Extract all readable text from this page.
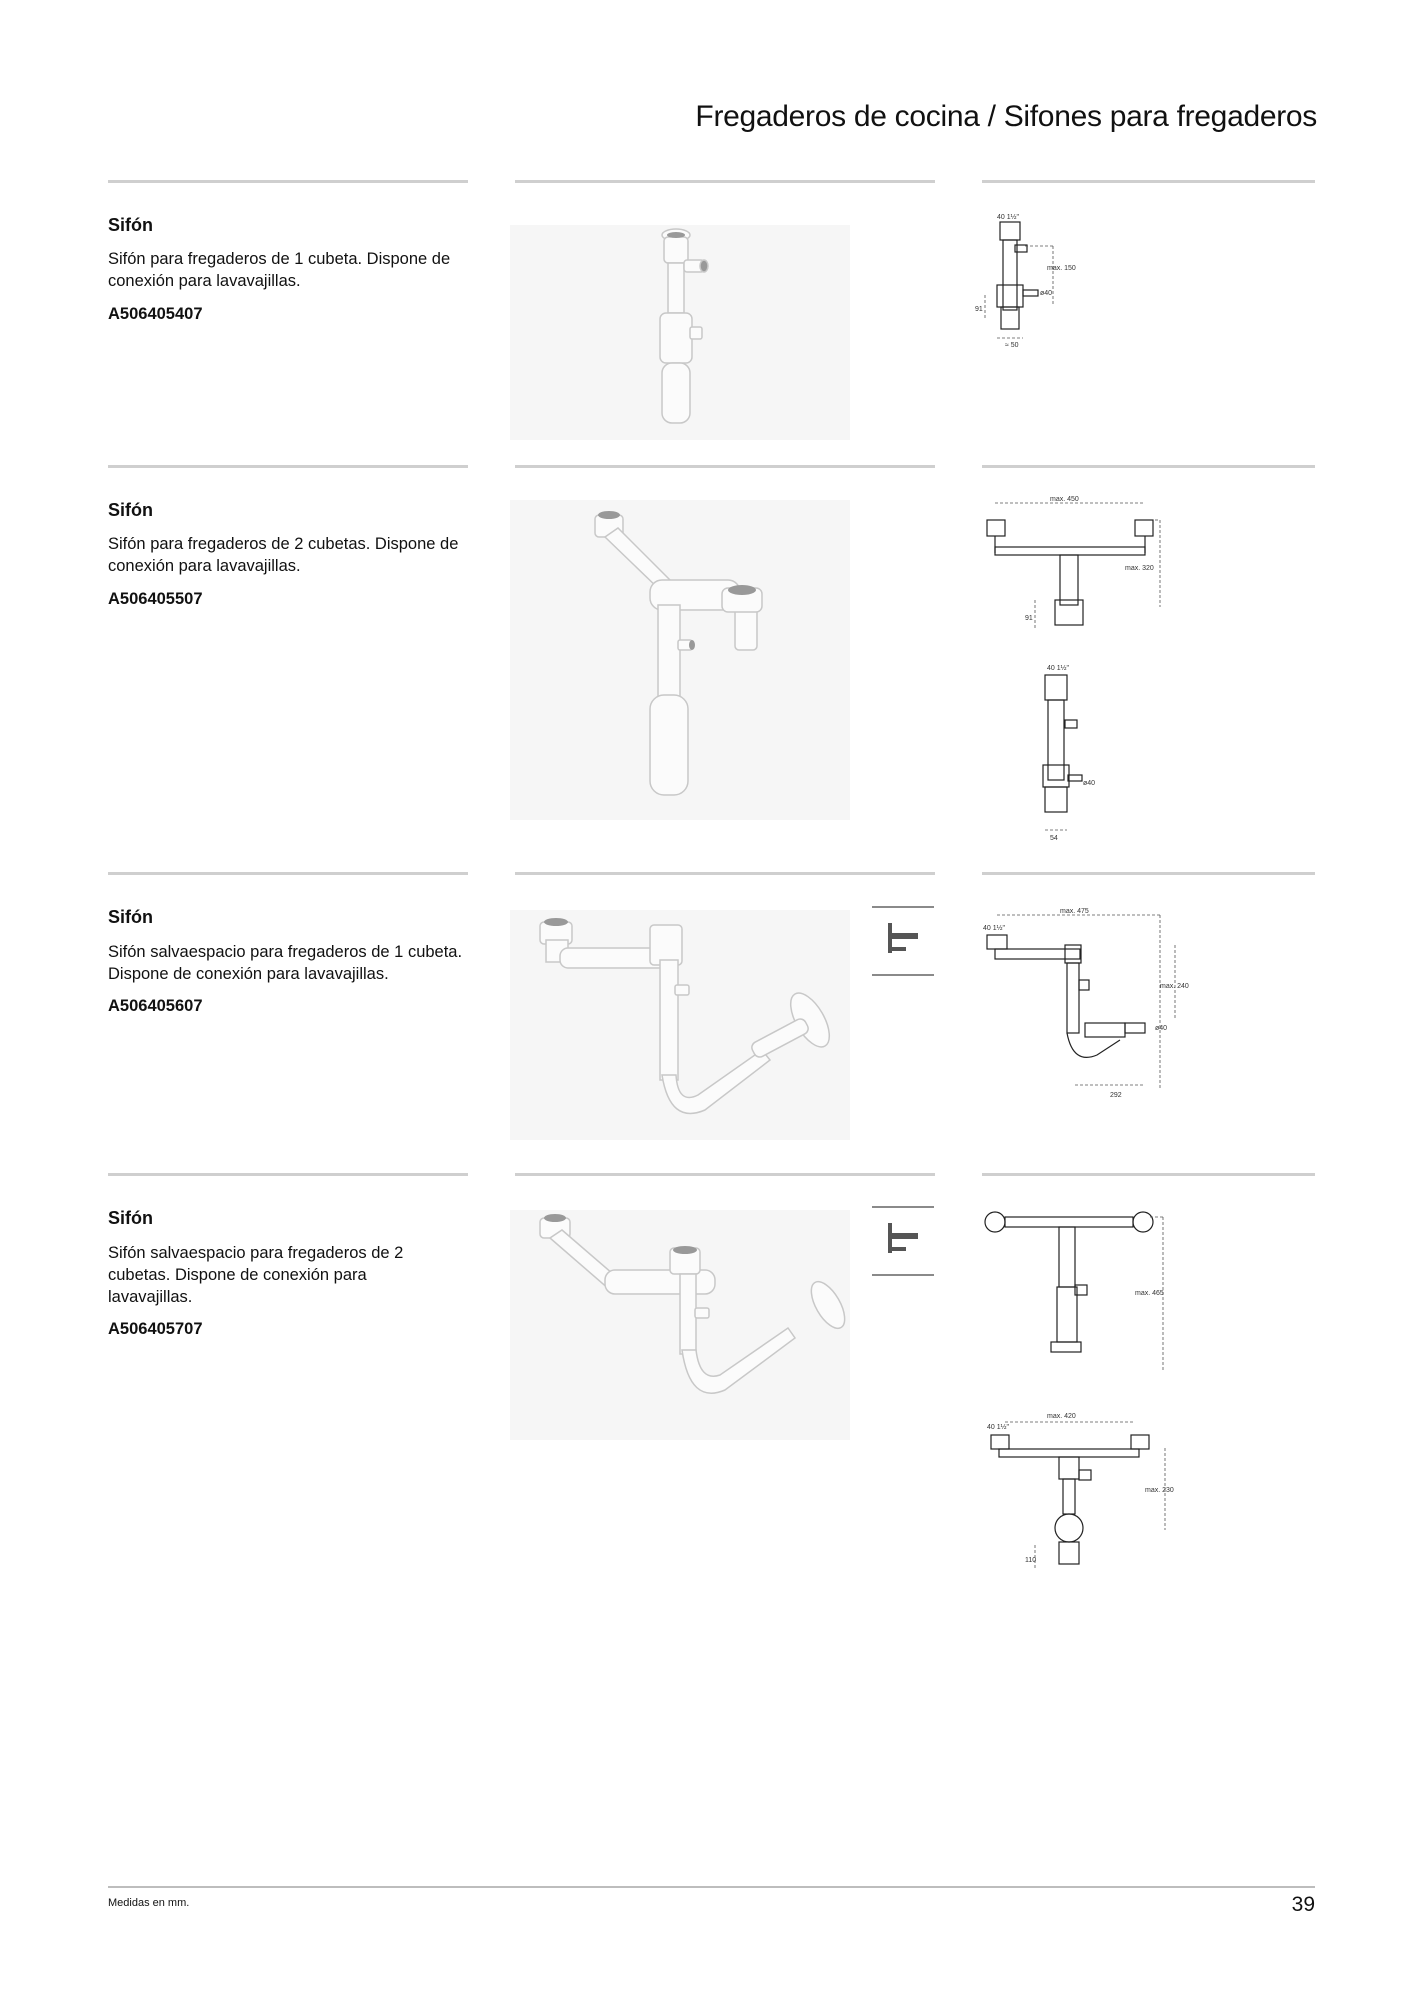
Fregaderos de cocina / Sifones para fregaderos
Sifón
Sifón para fregaderos de 1 cubeta. Dispone de conexión para lavavajillas.
A506405407
max. 150
ø40
91
≈ 50
40 1½"
Sifón
Sifón para fregaderos de 2 cubetas. Dispone de conexión para lavavajillas.
A506405507
max. 450
max. 320
91
40 1½"
ø40
54
Sifón
Sifón salvaespacio para fregaderos de 1 cubeta. Dispone de conexión para lavavajillas.
A506405607
max. 475
max. 240
ø40
292
40 1½"
Sifón
Sifón salvaespacio para fregaderos de 2 cubetas. Dispone de conexión para lavavajillas.
A506405707
max. 465
max. 420
max. 230
110
40 1½"
Medidas en mm.	39
